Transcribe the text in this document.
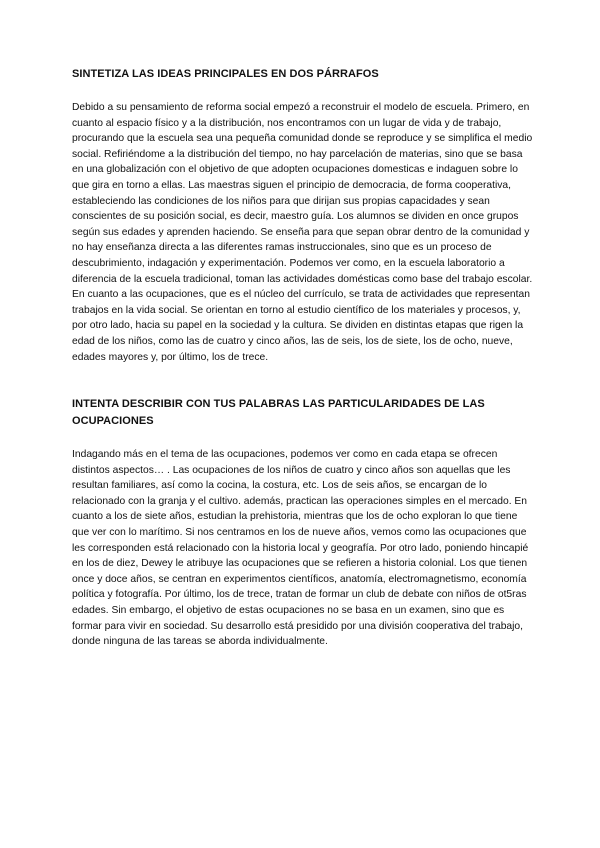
SINTETIZA LAS IDEAS PRINCIPALES EN DOS PÁRRAFOS

Debido a su pensamiento de reforma social empezó a reconstruir el modelo de escuela. Primero, en cuanto al espacio físico y a la distribución, nos encontramos con un lugar de vida y de trabajo, procurando que la escuela sea una pequeña comunidad donde se reproduce y se simplifica el medio social. Refiriéndome a la distribución del tiempo, no hay parcelación de materias, sino que se basa en una globalización con el objetivo de que adopten ocupaciones domesticas e indaguen sobre lo que gira en torno a ellas. Las maestras siguen el principio de democracia, de forma cooperativa, estableciendo las condiciones de los niños para que dirijan sus propias capacidades y sean conscientes de su posición social, es decir, maestro guía. Los alumnos se dividen en once grupos según sus edades y aprenden haciendo. Se enseña para que sepan obrar dentro de la comunidad y no hay enseñanza directa a las diferentes ramas instruccionales, sino que es un proceso de descubrimiento, indagación y experimentación. Podemos ver como, en la escuela laboratorio a diferencia de la escuela tradicional, toman las actividades domésticas como base del trabajo escolar.

En cuanto a las ocupaciones, que es el núcleo del currículo, se trata de actividades que representan trabajos en la vida social. Se orientan en torno al estudio científico de los materiales y procesos, y, por otro lado, hacia su papel en la sociedad y la cultura. Se dividen en distintas etapas que rigen la edad de los niños, como las de cuatro y cinco años, las de seis, los de siete, los de ocho, nueve, edades mayores y, por último, los de trece.

INTENTA DESCRIBIR CON TUS PALABRAS LAS PARTICULARIDADES DE LAS OCUPACIONES

Indagando más en el tema de las ocupaciones, podemos ver como en cada etapa se ofrecen distintos aspectos… . Las ocupaciones de los niños de cuatro y cinco años son aquellas que les resultan familiares, así como la cocina, la costura, etc. Los de seis años, se encargan de lo relacionado con la granja y el cultivo. además, practican las operaciones simples en el mercado. En cuanto a los de siete años, estudian la prehistoria, mientras que los de ocho exploran lo que tiene que ver con lo marítimo. Si nos centramos en los de nueve años, vemos como las ocupaciones que les corresponden está relacionado con la historia local y geografía. Por otro lado, poniendo hincapié en los de diez, Dewey le atribuye las ocupaciones que se refieren a historia colonial. Los que tienen once y doce años, se centran en experimentos científicos, anatomía, electromagnetismo, economía política y fotografía. Por último, los de trece, tratan de formar un club de debate con niños de ot5ras edades. Sin embargo, el objetivo de estas ocupaciones no se basa en un examen, sino que es formar para vivir en sociedad. Su desarrollo está presidido por una división cooperativa del trabajo, donde ninguna de las tareas se aborda individualmente.
